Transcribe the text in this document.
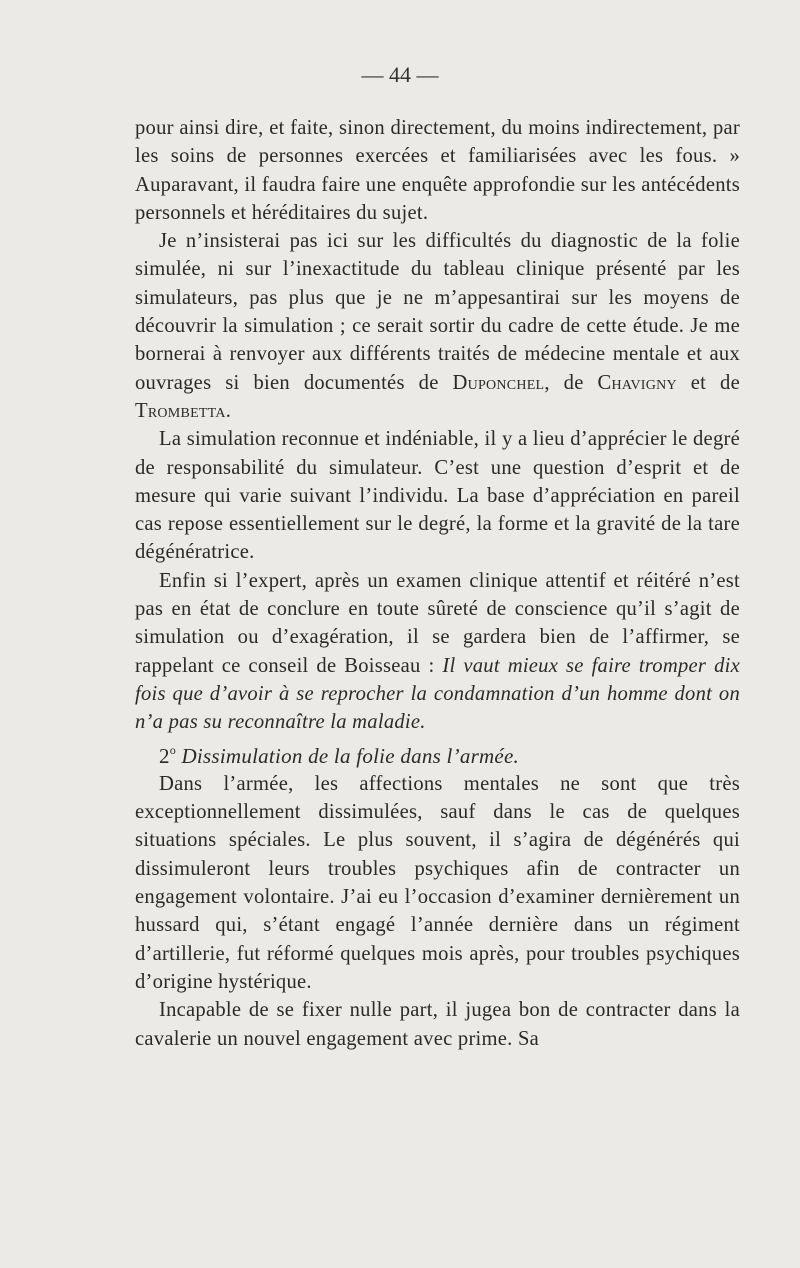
— 44 —

pour ainsi dire, et faite, sinon directement, du moins indirectement, par les soins de personnes exercées et familiarisées avec les fous. » Auparavant, il faudra faire une enquête approfondie sur les antécédents personnels et héréditaires du sujet.

Je n’insisterai pas ici sur les difficultés du diagnostic de la folie simulée, ni sur l’inexactitude du tableau clinique présenté par les simulateurs, pas plus que je ne m’appesantirai sur les moyens de découvrir la simulation ; ce serait sortir du cadre de cette étude. Je me bornerai à renvoyer aux différents traités de médecine mentale et aux ouvrages si bien documentés de Duponchel, de Chavigny et de Trombetta.

La simulation reconnue et indéniable, il y a lieu d’apprécier le degré de responsabilité du simulateur. C’est une question d’esprit et de mesure qui varie suivant l’individu. La base d’appréciation en pareil cas repose essentiellement sur le degré, la forme et la gravité de la tare dégénératrice.

Enfin si l’expert, après un examen clinique attentif et réitéré n’est pas en état de conclure en toute sûreté de conscience qu’il s’agit de simulation ou d’exagération, il se gardera bien de l’affirmer, se rappelant ce conseil de Boisseau : Il vaut mieux se faire tromper dix fois que d’avoir à se reprocher la condamnation d’un homme dont on n’a pas su reconnaître la maladie.

2$^o$ Dissimulation de la folie dans l’armée.

Dans l’armée, les affections mentales ne sont que très exceptionnellement dissimulées, sauf dans le cas de quelques situations spéciales. Le plus souvent, il s’agira de dégénérés qui dissimuleront leurs troubles psychiques afin de contracter un engagement volontaire. J’ai eu l’occasion d’examiner dernièrement un hussard qui, s’étant engagé l’année dernière dans un régiment d’artillerie, fut réformé quelques mois après, pour troubles psychiques d’origine hystérique.

Incapable de se fixer nulle part, il jugea bon de contracter dans la cavalerie un nouvel engagement avec prime. Sa
